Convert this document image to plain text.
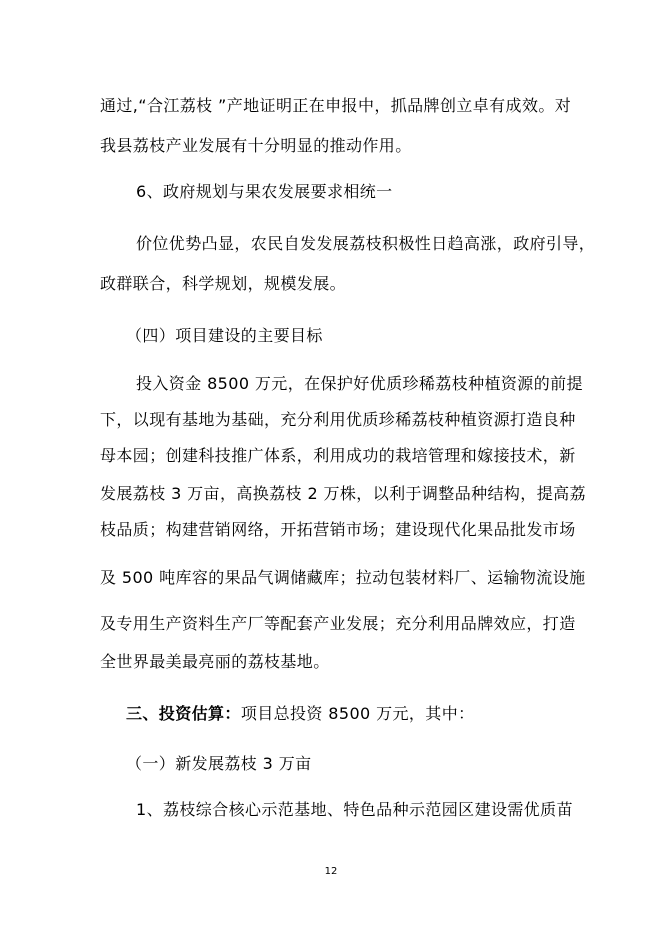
通过,“合江荔枝 ”产地证明正在申报中，抓品牌创立卓有成效。对
我县荔枝产业发展有十分明显的推动作用。
6、政府规划与果农发展要求相统一
价位优势凸显，农民自发发展荔枝积极性日趋高涨，政府引导，
政群联合，科学规划，规模发展。
（四）项目建设的主要目标
投入资金 8500 万元，在保护好优质珍稀荔枝种植资源的前提
下，以现有基地为基础，充分利用优质珍稀荔枝种植资源打造良种
母本园；创建科技推广体系，利用成功的栽培管理和嫁接技术，新
发展荔枝 3 万亩，高换荔枝 2 万株，以利于调整品种结构，提高荔
枝品质；构建营销网络，开拓营销市场；建设现代化果品批发市场
及 500 吨库容的果品气调储藏库；拉动包装材料厂、运输物流设施
及专用生产资料生产厂等配套产业发展；充分利用品牌效应，打造
全世界最美最亮丽的荔枝基地。
三、投资估算：项目总投资 8500 万元，其中：
（一）新发展荔枝 3 万亩
1、荔枝综合核心示范基地、特色品种示范园区建设需优质苗
12
